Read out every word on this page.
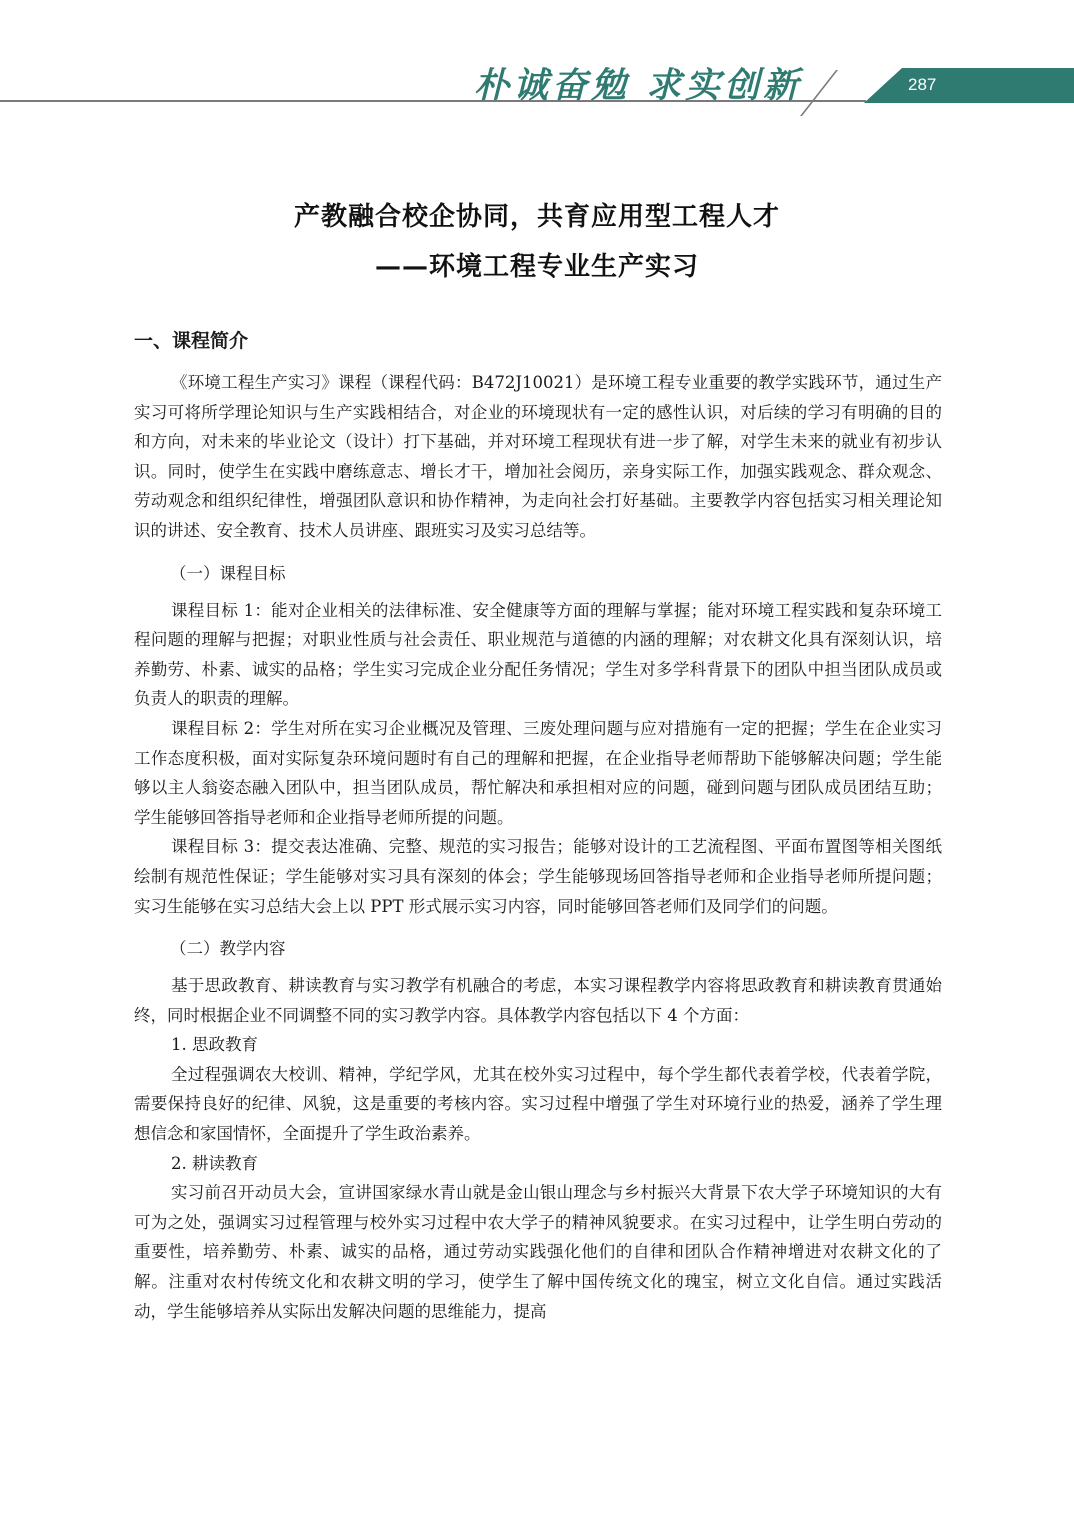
朴诚奋勉 求实创新	287
产教融合校企协同，共育应用型工程人才
——环境工程专业生产实习
一、课程简介

《环境工程生产实习》课程（课程代码：B472J10021）是环境工程专业重要的教学实践环节，通过生产实习可将所学理论知识与生产实践相结合，对企业的环境现状有一定的感性认识，对后续的学习有明确的目的和方向，对未来的毕业论文（设计）打下基础，并对环境工程现状有进一步了解，对学生未来的就业有初步认识。同时，使学生在实践中磨练意志、增长才干，增加社会阅历，亲身实际工作，加强实践观念、群众观念、劳动观念和组织纪律性，增强团队意识和协作精神，为走向社会打好基础。主要教学内容包括实习相关理论知识的讲述、安全教育、技术人员讲座、跟班实习及实习总结等。

（一）课程目标

课程目标 1：能对企业相关的法律标准、安全健康等方面的理解与掌握；能对环境工程实践和复杂环境工程问题的理解与把握；对职业性质与社会责任、职业规范与道德的内涵的理解；对农耕文化具有深刻认识，培养勤劳、朴素、诚实的品格；学生实习完成企业分配任务情况；学生对多学科背景下的团队中担当团队成员或负责人的职责的理解。

课程目标 2：学生对所在实习企业概况及管理、三废处理问题与应对措施有一定的把握；学生在企业实习工作态度积极，面对实际复杂环境问题时有自己的理解和把握，在企业指导老师帮助下能够解决问题；学生能够以主人翁姿态融入团队中，担当团队成员，帮忙解决和承担相对应的问题，碰到问题与团队成员团结互助；学生能够回答指导老师和企业指导老师所提的问题。

课程目标 3：提交表达准确、完整、规范的实习报告；能够对设计的工艺流程图、平面布置图等相关图纸绘制有规范性保证；学生能够对实习具有深刻的体会；学生能够现场回答指导老师和企业指导老师所提问题；实习生能够在实习总结大会上以 PPT 形式展示实习内容，同时能够回答老师们及同学们的问题。

（二）教学内容

基于思政教育、耕读教育与实习教学有机融合的考虑，本实习课程教学内容将思政教育和耕读教育贯通始终，同时根据企业不同调整不同的实习教学内容。具体教学内容包括以下 4 个方面：

1. 思政教育

全过程强调农大校训、精神，学纪学风，尤其在校外实习过程中，每个学生都代表着学校，代表着学院，需要保持良好的纪律、风貌，这是重要的考核内容。实习过程中增强了学生对环境行业的热爱，涵养了学生理想信念和家国情怀，全面提升了学生政治素养。

2. 耕读教育

实习前召开动员大会，宣讲国家绿水青山就是金山银山理念与乡村振兴大背景下农大学子环境知识的大有可为之处，强调实习过程管理与校外实习过程中农大学子的精神风貌要求。在实习过程中，让学生明白劳动的重要性，培养勤劳、朴素、诚实的品格，通过劳动实践强化他们的自律和团队合作精神增进对农耕文化的了解。注重对农村传统文化和农耕文明的学习，使学生了解中国传统文化的瑰宝，树立文化自信。通过实践活动，学生能够培养从实际出发解决问题的思维能力，提高
